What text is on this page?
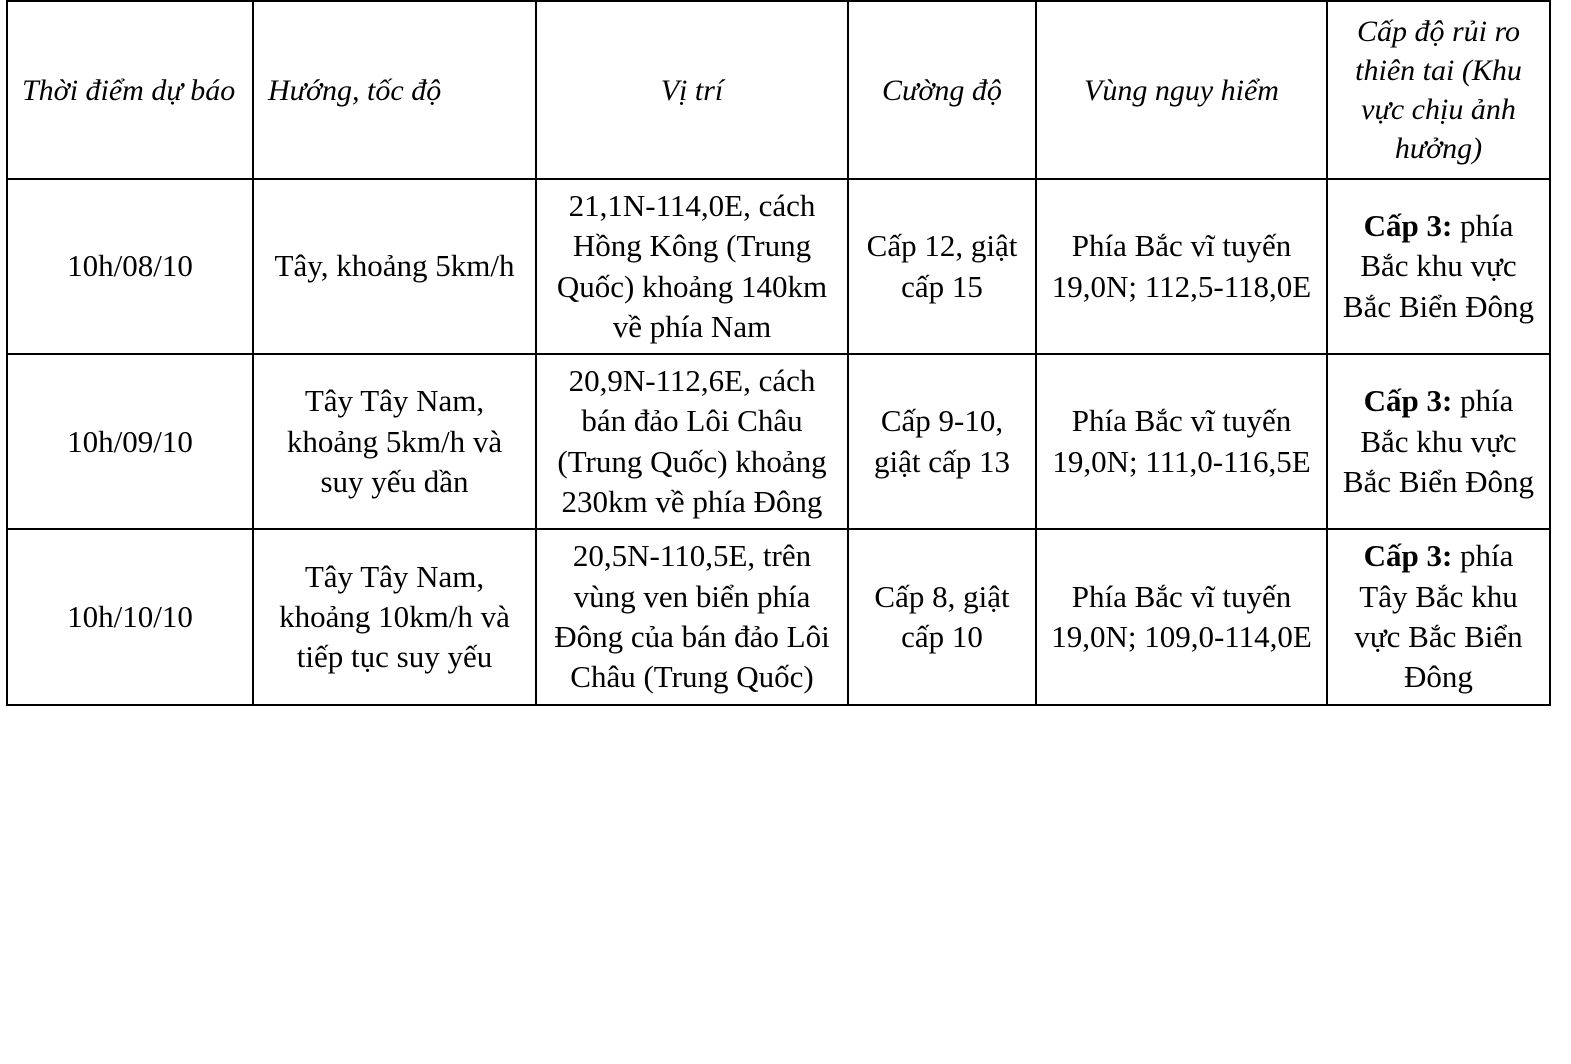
Thời điểm dự báo	Hướng, tốc độ	Vị trí	Cường độ	Vùng nguy hiểm	Cấp độ rủi ro thiên tai (Khu vực chịu ảnh hưởng)
10h/08/10	Tây, khoảng 5km/h	21,1N-114,0E, cách Hồng Kông (Trung Quốc) khoảng 140km về phía Nam	Cấp 12, giật cấp 15	Phía Bắc vĩ tuyến 19,0N; 112,5-118,0E	Cấp 3: phía Bắc khu vực Bắc Biển Đông
10h/09/10	Tây Tây Nam, khoảng 5km/h và suy yếu dần	20,9N-112,6E, cách bán đảo Lôi Châu (Trung Quốc) khoảng 230km về phía Đông	Cấp 9-10, giật cấp 13	Phía Bắc vĩ tuyến 19,0N; 111,0-116,5E	Cấp 3: phía Bắc khu vực Bắc Biển Đông
10h/10/10	Tây Tây Nam, khoảng 10km/h và tiếp tục suy yếu	20,5N-110,5E, trên vùng ven biển phía Đông của bán đảo Lôi Châu (Trung Quốc)	Cấp 8, giật cấp 10	Phía Bắc vĩ tuyến 19,0N; 109,0-114,0E	Cấp 3: phía Tây Bắc khu vực Bắc Biển Đông
